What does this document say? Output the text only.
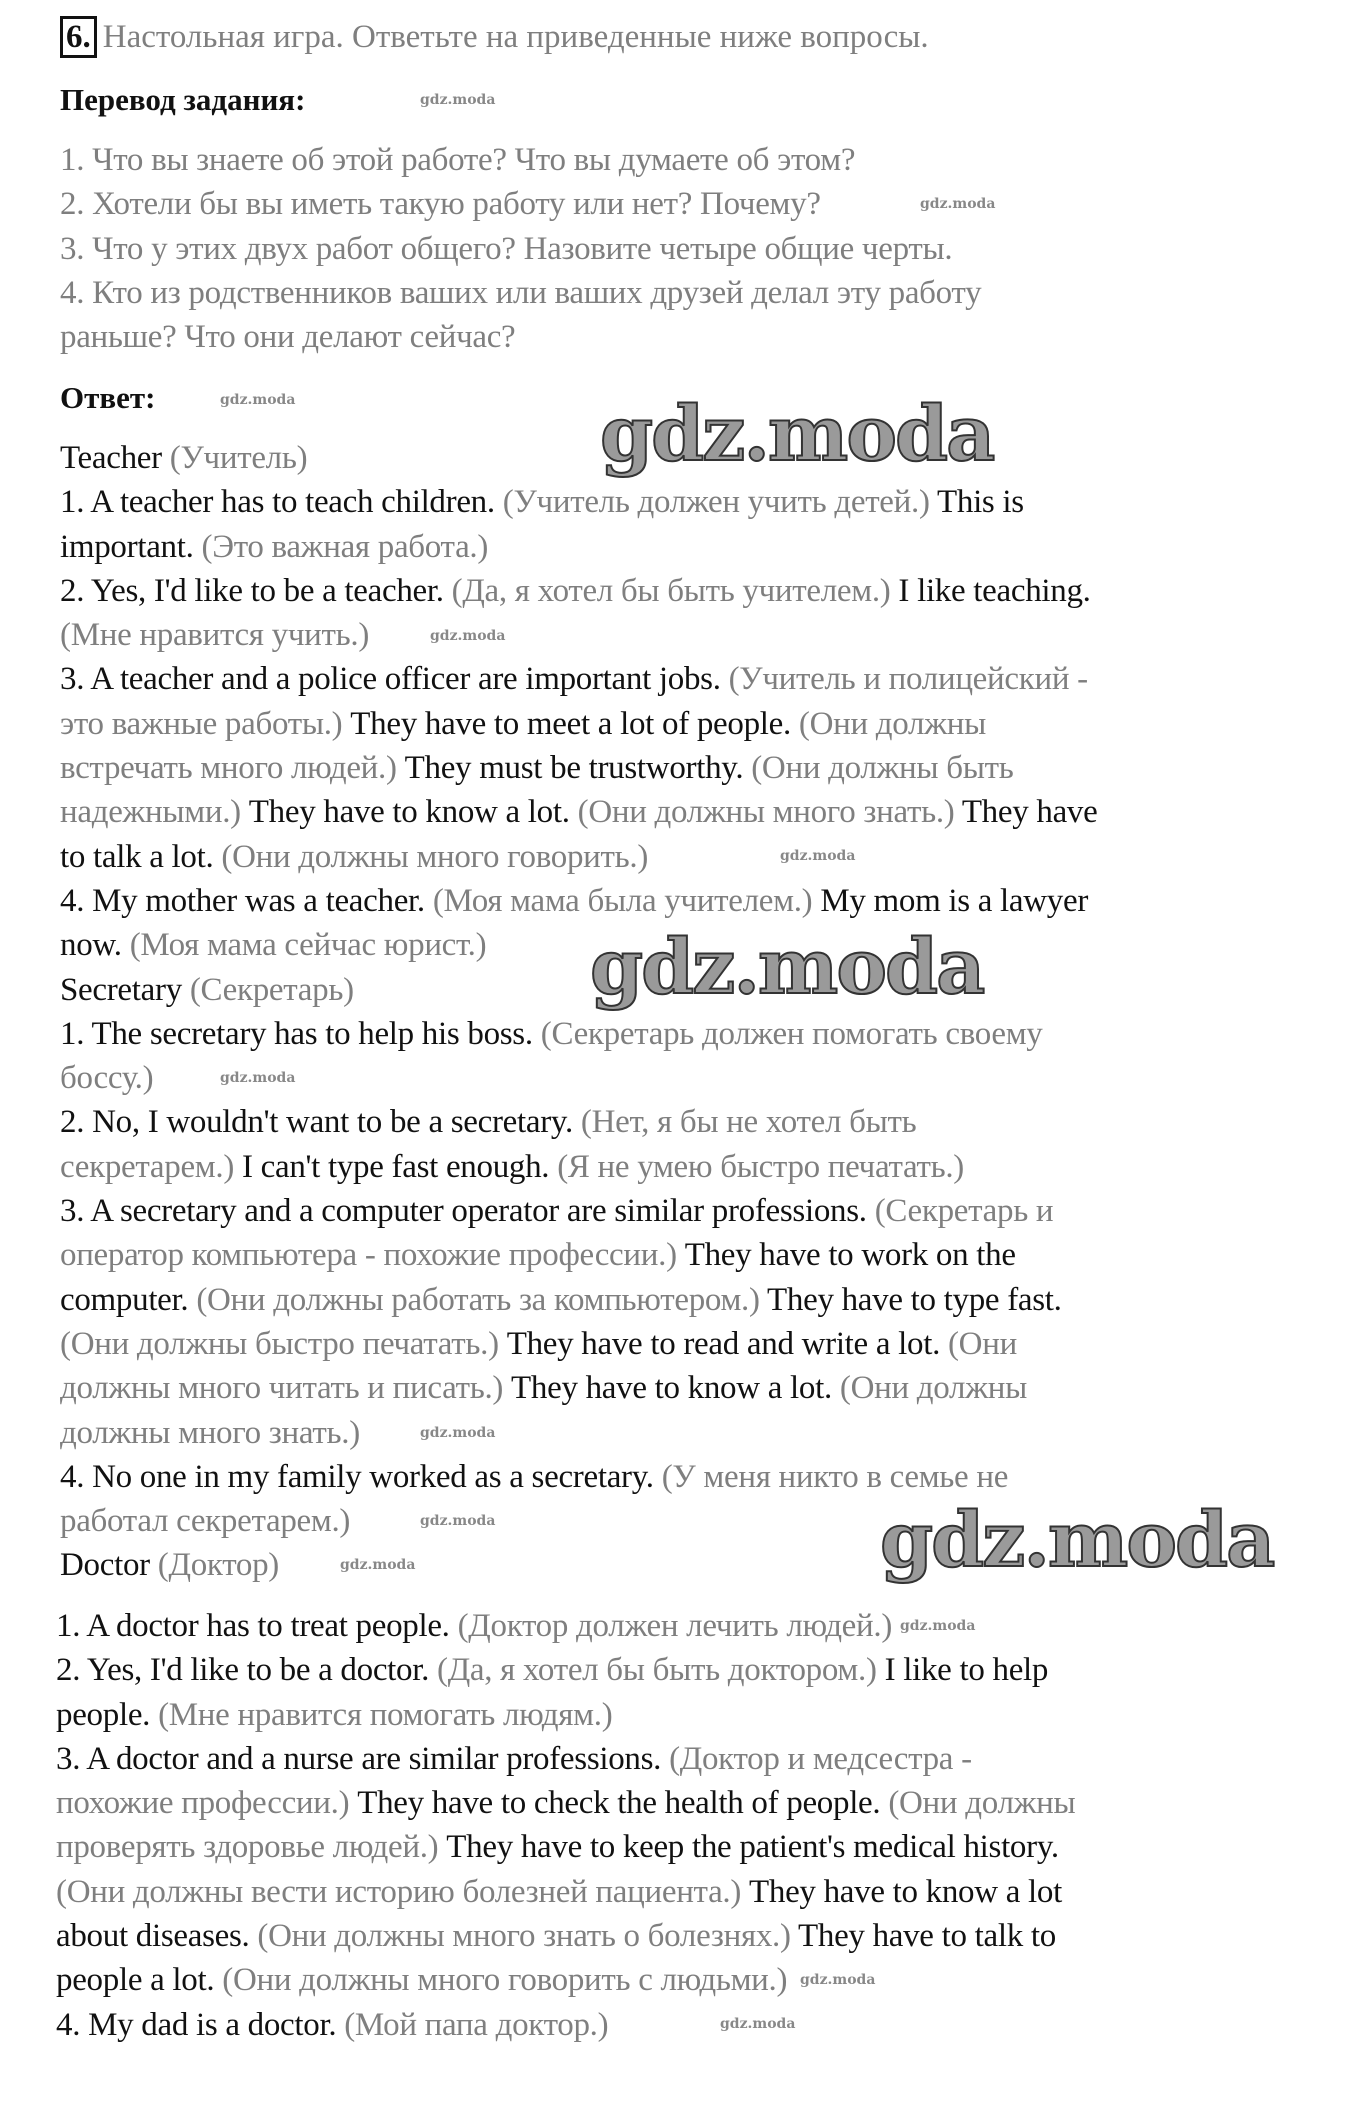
6. Настольная игра. Ответьте на приведенные ниже вопросы.
Перевод задания:
1. Что вы знаете об этой работе? Что вы думаете об этом?
2. Хотели бы вы иметь такую работу или нет? Почему?
3. Что у этих двух работ общего? Назовите четыре общие черты.
4. Кто из родственников ваших или ваших друзей делал эту работу
раньше? Что они делают сейчас?
Ответ:
Teacher (Учитель)
1. A teacher has to teach children. (Учитель должен учить детей.) This is
important. (Это важная работа.)
2. Yes, I'd like to be a teacher. (Да, я хотел бы быть учителем.) I like teaching.
(Мне нравится учить.)
3. A teacher and a police officer are important jobs. (Учитель и полицейский -
это важные работы.) They have to meet a lot of people. (Они должны
встречать много людей.) They must be trustworthy. (Они должны быть
надежными.) They have to know a lot. (Они должны много знать.) They have
to talk a lot. (Они должны много говорить.)
4. My mother was a teacher. (Моя мама была учителем.) My mom is a lawyer
now. (Моя мама сейчас юрист.)
Secretary (Секретарь)
1. The secretary has to help his boss. (Секретарь должен помогать своему
боссу.)
2. No, I wouldn't want to be a secretary. (Нет, я бы не хотел быть
секретарем.) I can't type fast enough. (Я не умею быстро печатать.)
3. A secretary and a computer operator are similar professions. (Секретарь и
оператор компьютера - похожие профессии.) They have to work on the
computer. (Они должны работать за компьютером.) They have to type fast.
(Они должны быстро печатать.) They have to read and write a lot. (Они
должны много читать и писать.) They have to know a lot. (Они должны
должны много знать.)
4. No one in my family worked as a secretary. (У меня никто в семье не
работал секретарем.)
Doctor (Доктор)
1. A doctor has to treat people. (Доктор должен лечить людей.)
2. Yes, I'd like to be a doctor. (Да, я хотел бы быть доктором.) I like to help
people. (Мне нравится помогать людям.)
3. A doctor and a nurse are similar professions. (Доктор и медсестра -
похожие профессии.) They have to check the health of people. (Они должны
проверять здоровье людей.) They have to keep the patient's medical history.
(Они должны вести историю болезней пациента.) They have to know a lot
about diseases. (Они должны много знать о болезнях.) They have to talk to
people a lot. (Они должны много говорить с людьми.)
4. My dad is a doctor. (Мой папа доктор.)
gdz.moda
gdz.moda
gdz.moda
gdz.moda
gdz.moda
gdz.moda
gdz.moda
gdz.moda
gdz.moda
gdz.moda
gdz.moda
gdz.moda
gdz.moda
gdz.moda
gdz.moda
